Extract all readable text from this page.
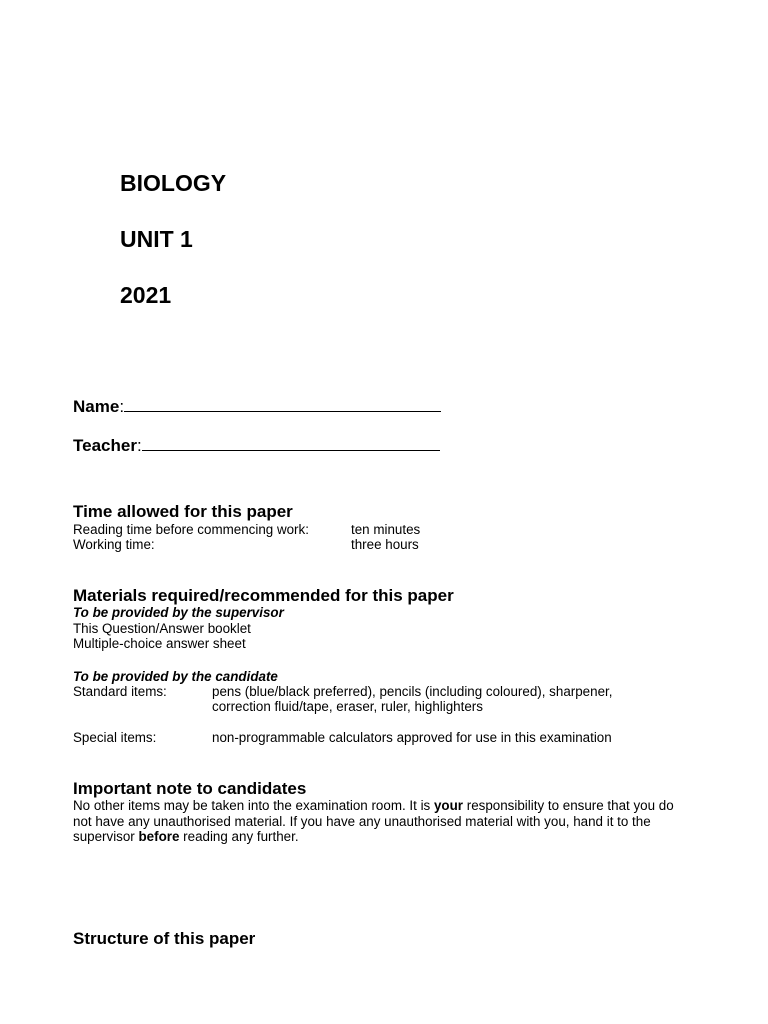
BIOLOGY
UNIT 1
2021
Name:
Teacher:
Time allowed for this paper
Reading time before commencing work:	ten minutes
Working time:	three hours
Materials required/recommended for this paper
To be provided by the supervisor
This Question/Answer booklet
Multiple-choice answer sheet
To be provided by the candidate
Standard items:	pens (blue/black preferred), pencils (including coloured), sharpener,
correction fluid/tape, eraser, ruler, highlighters
Special items:	non-programmable calculators approved for use in this examination
Important note to candidates
No other items may be taken into the examination room. It is your responsibility to ensure that you do not have any unauthorised material. If you have any unauthorised material with you, hand it to the supervisor before reading any further.
Structure of this paper
